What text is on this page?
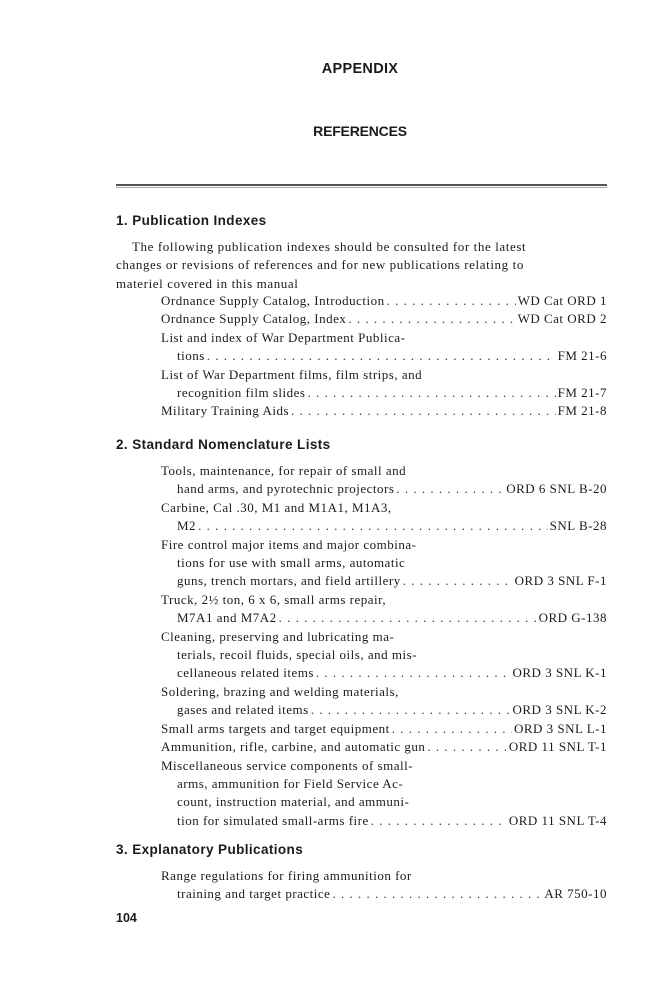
APPENDIX
REFERENCES
1. Publication Indexes
The following publication indexes should be consulted for the latest
changes or revisions of references and for new publications relating to
materiel covered in this manual
Ordnance Supply Catalog, Introduction . . .	WD Cat ORD 1
Ordnance Supply Catalog, Index . . .	WD Cat ORD 2
List and index of War Department Publica-
tions . . .	FM 21-6
List of War Department films, film strips, and
recognition film slides . . .	FM 21-7
Military Training Aids . . .	FM 21-8
2. Standard Nomenclature Lists
Tools, maintenance, for repair of small and
hand arms, and pyrotechnic projectors . . .	ORD 6 SNL B-20
Carbine, Cal .30, M1 and M1A1, M1A3,
M2 . . .	SNL B-28
Fire control major items and major combina-
tions for use with small arms, automatic
guns, trench mortars, and field artillery . . .	ORD 3 SNL F-1
Truck, 2½ ton, 6 x 6, small arms repair,
M7A1 and M7A2 . . .	ORD G-138
Cleaning, preserving and lubricating ma-
terials, recoil fluids, special oils, and mis-
cellaneous related items . . .	ORD 3 SNL K-1
Soldering, brazing and welding materials,
gases and related items . . .	ORD 3 SNL K-2
Small arms targets and target equipment . . .	ORD 3 SNL L-1
Ammunition, rifle, carbine, and automatic gun . . .	ORD 11 SNL T-1
Miscellaneous service components of small-
arms, ammunition for Field Service Ac-
count, instruction material, and ammuni-
tion for simulated small-arms fire . . .	ORD 11 SNL T-4
3. Explanatory Publications
Range regulations for firing ammunition for
training and target practice . . .	AR 750-10
104
